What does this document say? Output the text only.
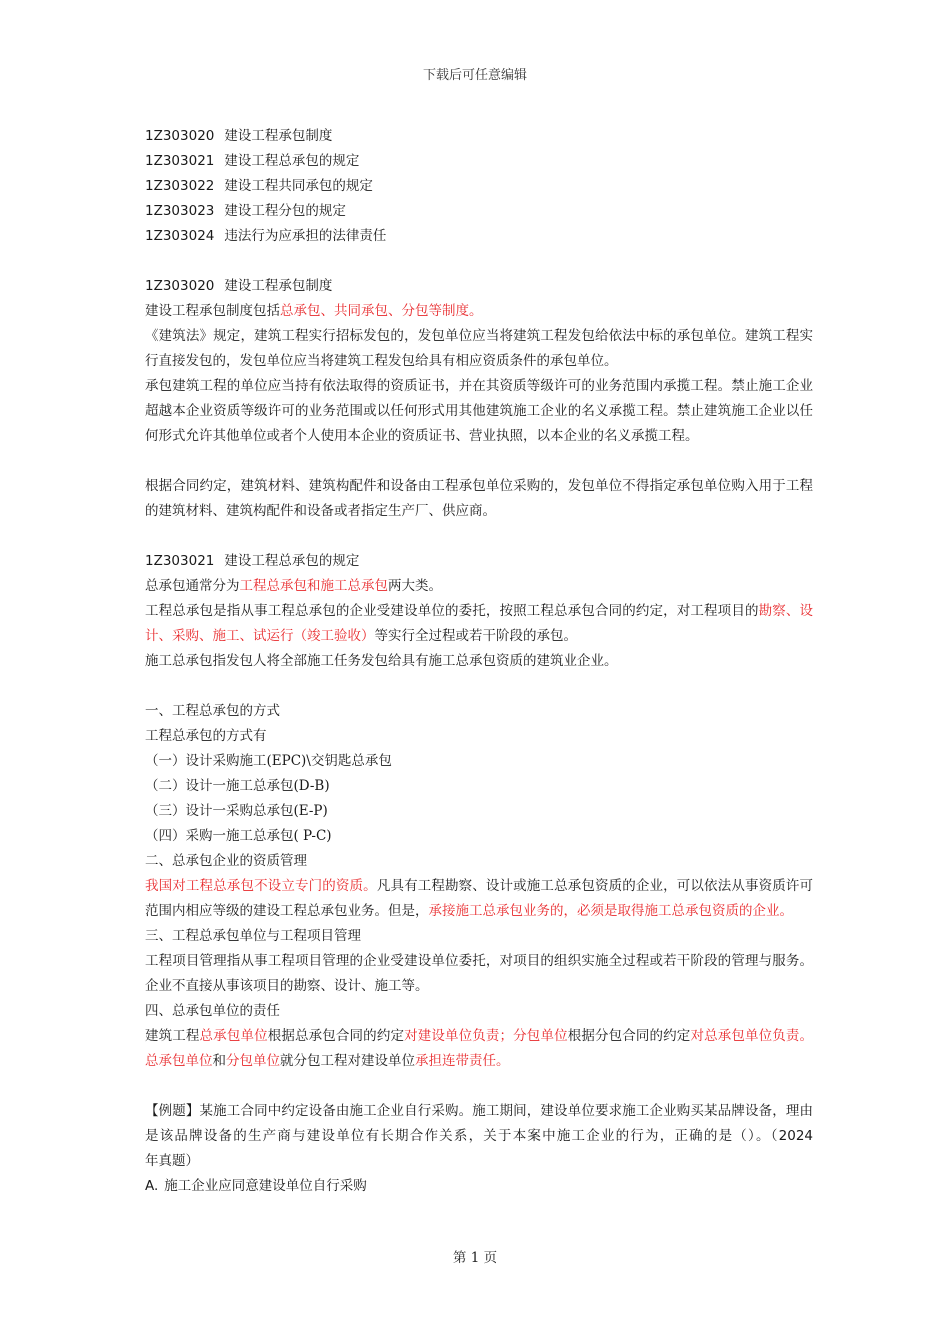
下载后可任意编辑
1Z303020 建设工程承包制度
1Z303021 建设工程总承包的规定
1Z303022 建设工程共同承包的规定
1Z303023 建设工程分包的规定
1Z303024 违法行为应承担的法律责任
1Z303020 建设工程承包制度
建设工程承包制度包括总承包、共同承包、分包等制度。
《建筑法》规定，建筑工程实行招标发包的，发包单位应当将建筑工程发包给依法中标的承包单位。建筑工程实行直接发包的，发包单位应当将建筑工程发包给具有相应资质条件的承包单位。
承包建筑工程的单位应当持有依法取得的资质证书，并在其资质等级许可的业务范围内承揽工程。禁止施工企业超越本企业资质等级许可的业务范围或以任何形式用其他建筑施工企业的名义承揽工程。禁止建筑施工企业以任何形式允许其他单位或者个人使用本企业的资质证书、营业执照，以本企业的名义承揽工程。
根据合同约定，建筑材料、建筑构配件和设备由工程承包单位采购的，发包单位不得指定承包单位购入用于工程的建筑材料、建筑构配件和设备或者指定生产厂、供应商。
1Z303021 建设工程总承包的规定
总承包通常分为工程总承包和施工总承包两大类。
工程总承包是指从事工程总承包的企业受建设单位的委托，按照工程总承包合同的约定，对工程项目的勘察、设计、采购、施工、试运行（竣工验收）等实行全过程或若干阶段的承包。
施工总承包指发包人将全部施工任务发包给具有施工总承包资质的建筑业企业。
一、工程总承包的方式
工程总承包的方式有
（一）设计采购施工(EPC)\交钥匙总承包
（二）设计一施工总承包(D-B)
（三）设计一采购总承包(E-P)
（四）采购一施工总承包( P-C)
二、总承包企业的资质管理
我国对工程总承包不设立专门的资质。凡具有工程勘察、设计或施工总承包资质的企业，可以依法从事资质许可范围内相应等级的建设工程总承包业务。但是，承接施工总承包业务的，必须是取得施工总承包资质的企业。
三、工程总承包单位与工程项目管理
工程项目管理指从事工程项目管理的企业受建设单位委托，对项目的组织实施全过程或若干阶段的管理与服务。企业不直接从事该项目的勘察、设计、施工等。
四、总承包单位的责任
建筑工程总承包单位根据总承包合同的约定对建设单位负责；分包单位根据分包合同的约定对总承包单位负责。总承包单位和分包单位就分包工程对建设单位承担连带责任。
【例题】某施工合同中约定设备由施工企业自行采购。施工期间，建设单位要求施工企业购买某品牌设备，理由是该品牌设备的生产商与建设单位有长期合作关系，关于本案中施工企业的行为，正确的是（）。（2024年真题）
A. 施工企业应同意建设单位自行采购
第 1 页
